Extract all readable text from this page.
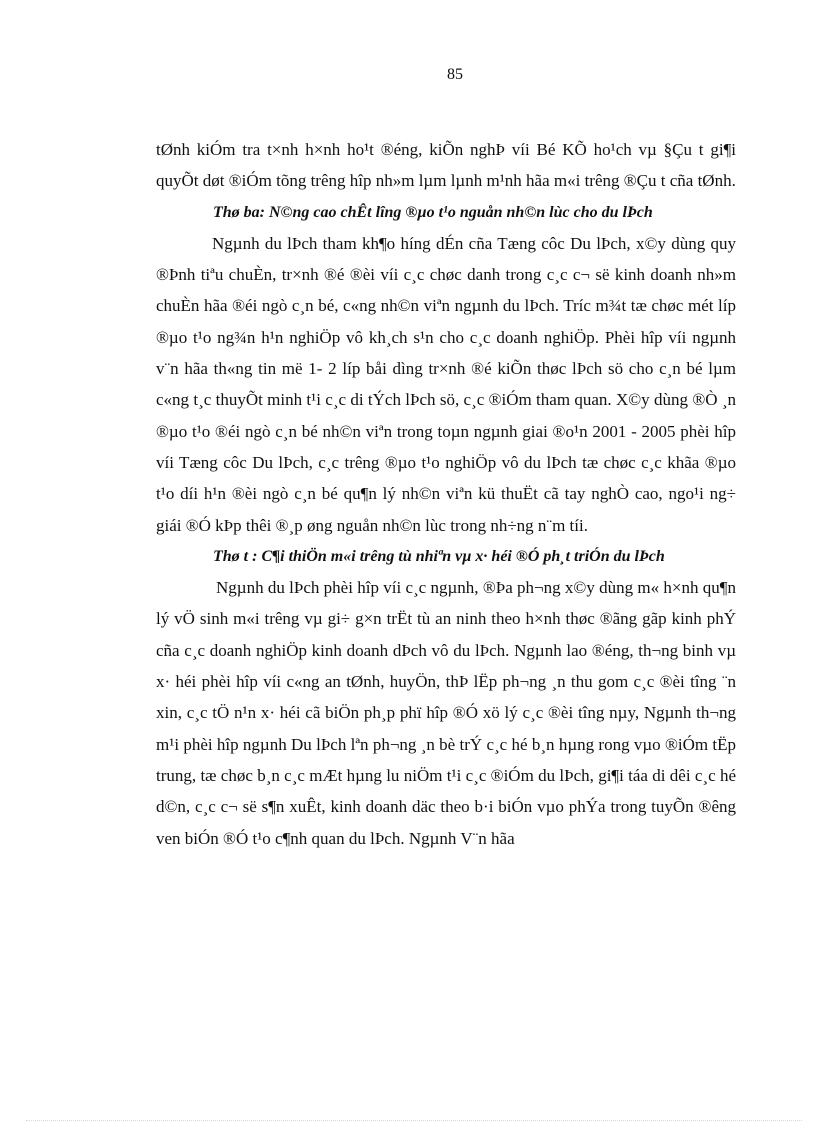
85

tØnh kiÓm tra t×nh h×nh ho¹t ®éng, kiÕn nghÞ víi Bé KÕ ho¹ch vµ §Çu t gi¶i quyÕt døt ®iÓm tõng trêng hîp nh»m lµm lµnh m¹nh hãa m«i trêng ®Çu t cña tØnh.

Thø ba: N©ng cao chÊt lîng ®µo t¹o nguån nh©n lùc cho du lÞch

Ngµnh du lÞch tham kh¶o híng dÉn cña Tæng côc Du lÞch, x©y dùng quy ®Þnh tiªu chuÈn, tr×nh ®é ®èi víi c¸c chøc danh trong c¸c c¬ së kinh doanh nh»m chuÈn hãa ®éi ngò c¸n bé, c«ng nh©n viªn ngµnh du lÞch. Tríc m¾t tæ chøc mét líp ®µo t¹o ng¾n h¹n nghiÖp vô kh¸ch s¹n cho c¸c doanh nghiÖp. Phèi hîp víi ngµnh v¨n hãa th«ng tin më 1- 2 líp båi dìng tr×nh ®é kiÕn thøc lÞch sö cho c¸n bé lµm c«ng t¸c thuyÕt minh t¹i c¸c di tÝch lÞch sö, c¸c ®iÓm tham quan. X©y dùng ®Ò ¸n ®µo t¹o ®éi ngò c¸n bé nh©n viªn trong toµn ngµnh giai ®o¹n 2001 - 2005 phèi hîp víi Tæng côc Du lÞch, c¸c trêng ®µo t¹o nghiÖp vô du lÞch tæ chøc c¸c khãa ®µo t¹o díi h¹n ®èi ngò c¸n bé qu¶n lý nh©n viªn kü thuËt cã tay nghÒ cao, ngo¹i ng÷ giái ®Ó kÞp thêi ®¸p øng nguån nh©n lùc trong nh÷ng n¨m tíi.

Thø t : C¶i thiÖn m«i trêng tù nhiªn vµ x· héi ®Ó ph¸t triÓn du lÞch

Ngµnh du lÞch phèi hîp víi c¸c ngµnh, ®Þa ph¬ng x©y dùng m« h×nh qu¶n lý vÖ sinh m«i trêng vµ gi÷ g×n trËt tù an ninh theo h×nh thøc ®ãng gãp kinh phÝ cña c¸c doanh nghiÖp kinh doanh dÞch vô du lÞch. Ngµnh lao ®éng, th¬ng binh vµ x· héi phèi hîp víi c«ng an tØnh, huyÖn, thÞ lËp ph¬ng ¸n thu gom c¸c ®èi tîng ¨n xin, c¸c tÖ n¹n x· héi cã biÖn ph¸p phï hîp ®Ó xö lý c¸c ®èi tîng nµy, Ngµnh th¬ng m¹i phèi hîp ngµnh Du lÞch lªn ph¬ng ¸n bè trÝ c¸c hé b¸n hµng rong vµo ®iÓm tËp trung, tæ chøc b¸n c¸c mÆt hµng lu niÖm t¹i c¸c ®iÓm du lÞch, gi¶i táa di dêi c¸c hé d©n, c¸c c¬ së s¶n xuÊt, kinh doanh däc theo b·i biÓn vµo phÝa trong tuyÕn ®êng ven biÓn ®Ó t¹o c¶nh quan du lÞch. Ngµnh V¨n hãa
